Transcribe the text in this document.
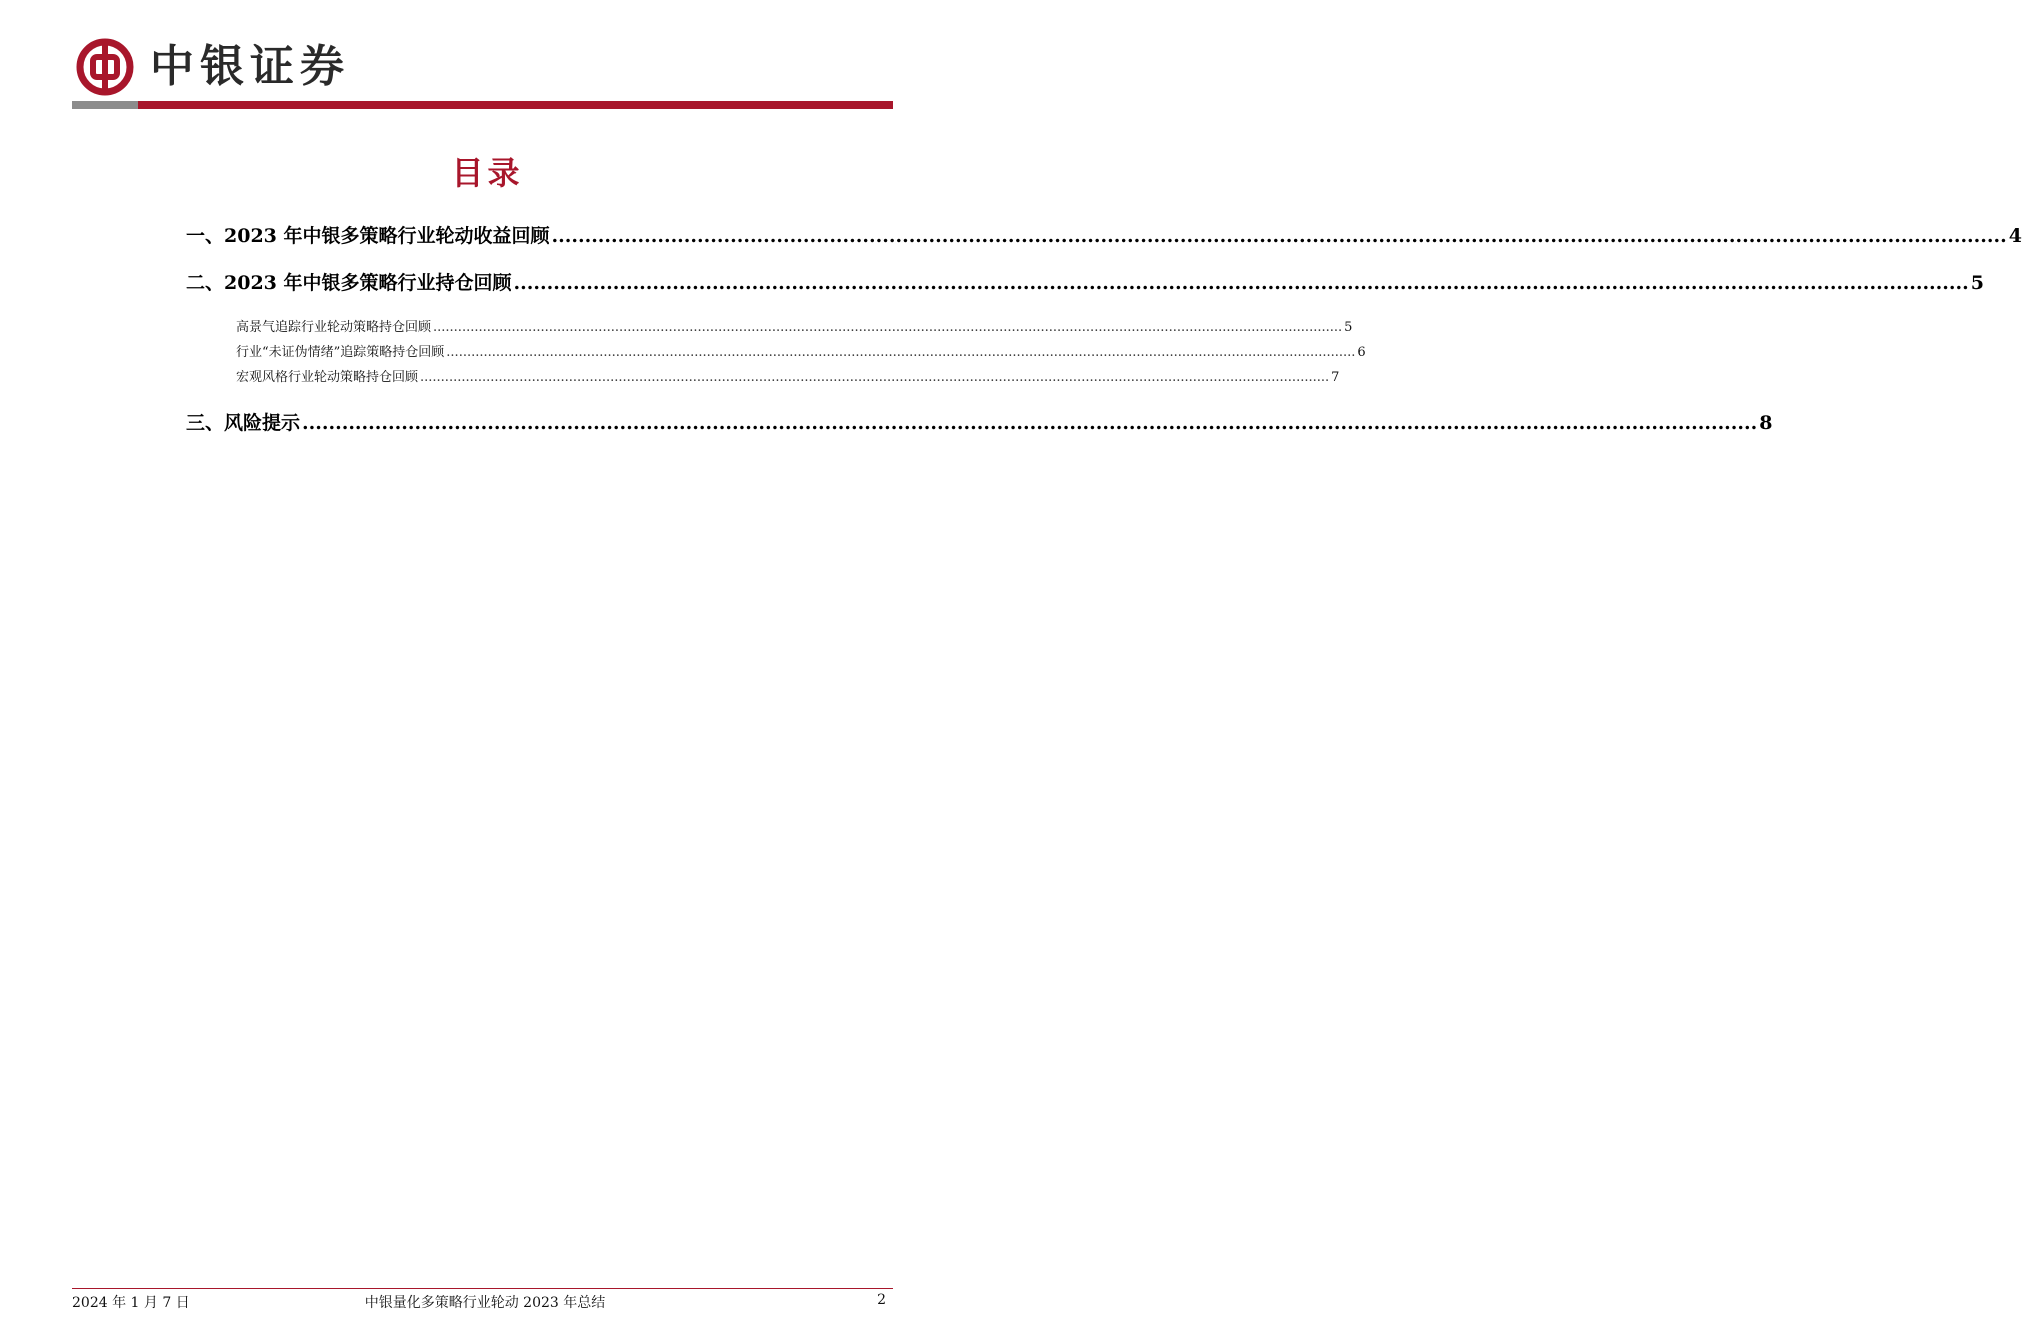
中银证券
目录
一、2023 年中银多策略行业轮动收益回顾 ............................................................................................................................................................................................................................ 4
二、2023 年中银多策略行业持仓回顾 ............................................................................................................................................................................................................................ 5
高景气追踪行业轮动策略持仓回顾 ............................................................................................................................................................................................................................ 5
行业“未证伪情绪”追踪策略持仓回顾 ............................................................................................................................................................................................................................ 6
宏观风格行业轮动策略持仓回顾 ............................................................................................................................................................................................................................ 7
三、风险提示 ............................................................................................................................................................................................................................ 8
2024 年 1 月 7 日	中银量化多策略行业轮动 2023 年总结	2
